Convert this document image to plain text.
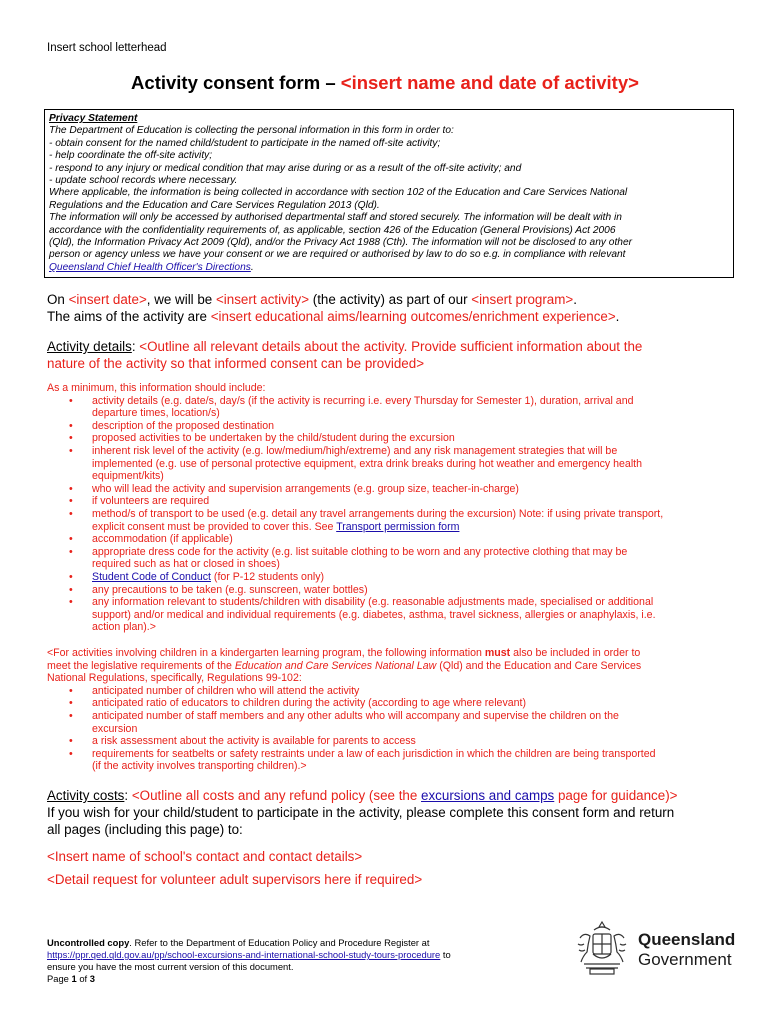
Insert school letterhead
Activity consent form – <insert name and date of activity>
Privacy Statement
The Department of Education is collecting the personal information in this form in order to:
- obtain consent for the named child/student to participate in the named off-site activity;
- help coordinate the off-site activity;
- respond to any injury or medical condition that may arise during or as a result of the off-site activity; and
- update school records where necessary.
Where applicable, the information is being collected in accordance with section 102 of the Education and Care Services National
Regulations and the Education and Care Services Regulation 2013 (Qld).
The information will only be accessed by authorised departmental staff and stored securely. The information will be dealt with in
accordance with the confidentiality requirements of, as applicable, section 426 of the Education (General Provisions) Act 2006
(Qld), the Information Privacy Act 2009 (Qld), and/or the Privacy Act 1988 (Cth). The information will not be disclosed to any other
person or agency unless we have your consent or we are required or authorised by law to do so e.g. in compliance with relevant
Queensland Chief Health Officer's Directions.
On <insert date>, we will be <insert activity> (the activity) as part of our <insert program>.
The aims of the activity are <insert educational aims/learning outcomes/enrichment experience>.
Activity details: <Outline all relevant details about the activity. Provide sufficient information about the
nature of the activity so that informed consent can be provided>
As a minimum, this information should include:
• activity details (e.g. date/s, day/s (if the activity is recurring i.e. every Thursday for Semester 1), duration, arrival and
departure times, location/s)
• description of the proposed destination
• proposed activities to be undertaken by the child/student during the excursion
• inherent risk level of the activity (e.g. low/medium/high/extreme) and any risk management strategies that will be
implemented (e.g. use of personal protective equipment, extra drink breaks during hot weather and emergency health
equipment/kits)
• who will lead the activity and supervision arrangements (e.g. group size, teacher-in-charge)
• if volunteers are required
• method/s of transport to be used (e.g. detail any travel arrangements during the excursion) Note: if using private transport,
explicit consent must be provided to cover this. See Transport permission form
• accommodation (if applicable)
• appropriate dress code for the activity (e.g. list suitable clothing to be worn and any protective clothing that may be
required such as hat or closed in shoes)
• Student Code of Conduct (for P-12 students only)
• any precautions to be taken (e.g. sunscreen, water bottles)
• any information relevant to students/children with disability (e.g. reasonable adjustments made, specialised or additional
support) and/or medical and individual requirements (e.g. diabetes, asthma, travel sickness, allergies or anaphylaxis, i.e.
action plan).>
<For activities involving children in a kindergarten learning program, the following information must also be included in order to
meet the legislative requirements of the Education and Care Services National Law (Qld) and the Education and Care Services
National Regulations, specifically, Regulations 99-102:
• anticipated number of children who will attend the activity
• anticipated ratio of educators to children during the activity (according to age where relevant)
• anticipated number of staff members and any other adults who will accompany and supervise the children on the
excursion
• a risk assessment about the activity is available for parents to access
• requirements for seatbelts or safety restraints under a law of each jurisdiction in which the children are being transported
(if the activity involves transporting children).>
Activity costs: <Outline all costs and any refund policy (see the excursions and camps page for guidance)>
If you wish for your child/student to participate in the activity, please complete this consent form and return
all pages (including this page) to:
<Insert name of school's contact and contact details>
<Detail request for volunteer adult supervisors here if required>
Uncontrolled copy. Refer to the Department of Education Policy and Procedure Register at
https://ppr.qed.qld.gov.au/pp/school-excursions-and-international-school-study-tours-procedure to
ensure you have the most current version of this document.
Page 1 of 3
Queensland
Government
